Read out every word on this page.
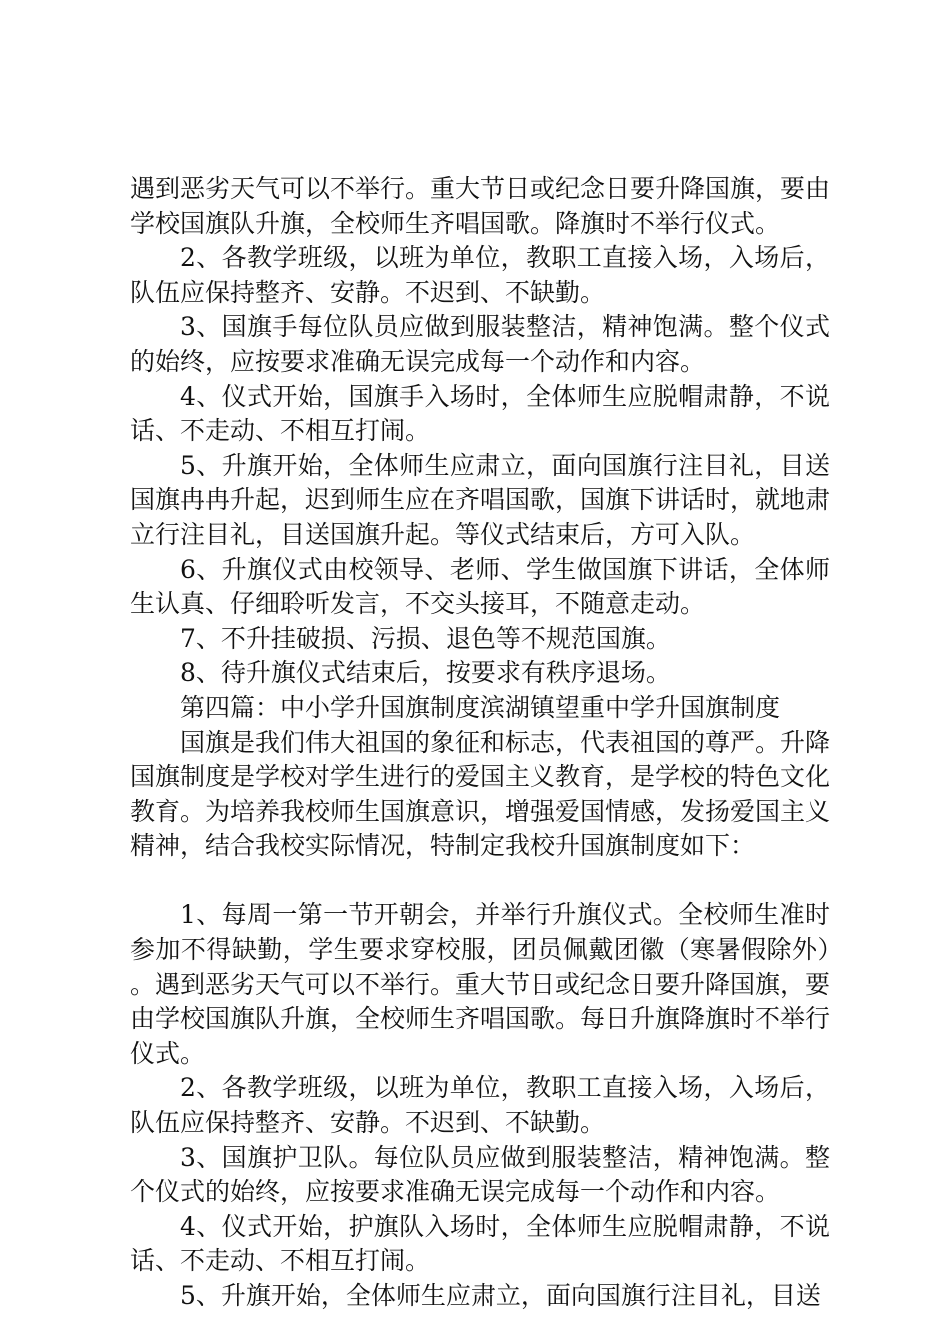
遇到恶劣天气可以不举行。重大节日或纪念日要升降国旗，要由学校国旗队升旗，全校师生齐唱国歌。降旗时不举行仪式。

2、各教学班级，以班为单位，教职工直接入场，入场后，队伍应保持整齐、安静。不迟到、不缺勤。

3、国旗手每位队员应做到服装整洁，精神饱满。整个仪式的始终，应按要求准确无误完成每一个动作和内容。

4、仪式开始，国旗手入场时，全体师生应脱帽肃静，不说话、不走动、不相互打闹。

5、升旗开始，全体师生应肃立，面向国旗行注目礼，目送国旗冉冉升起，迟到师生应在齐唱国歌，国旗下讲话时，就地肃立行注目礼，目送国旗升起。等仪式结束后，方可入队。

6、升旗仪式由校领导、老师、学生做国旗下讲话，全体师生认真、仔细聆听发言，不交头接耳，不随意走动。

7、不升挂破损、污损、退色等不规范国旗。

8、待升旗仪式结束后，按要求有秩序退场。

第四篇：中小学升国旗制度滨湖镇望重中学升国旗制度

国旗是我们伟大祖国的象征和标志，代表祖国的尊严。升降国旗制度是学校对学生进行的爱国主义教育，是学校的特色文化教育。为培养我校师生国旗意识，增强爱国情感，发扬爱国主义精神，结合我校实际情况，特制定我校升国旗制度如下：

1、每周一第一节开朝会，并举行升旗仪式。全校师生准时参加不得缺勤，学生要求穿校服，团员佩戴团徽（寒暑假除外）。遇到恶劣天气可以不举行。重大节日或纪念日要升降国旗，要由学校国旗队升旗，全校师生齐唱国歌。每日升旗降旗时不举行仪式。

2、各教学班级，以班为单位，教职工直接入场，入场后，队伍应保持整齐、安静。不迟到、不缺勤。

3、国旗护卫队。每位队员应做到服装整洁，精神饱满。整个仪式的始终，应按要求准确无误完成每一个动作和内容。

4、仪式开始，护旗队入场时，全体师生应脱帽肃静，不说话、不走动、不相互打闹。

5、升旗开始，全体师生应肃立，面向国旗行注目礼，目送
